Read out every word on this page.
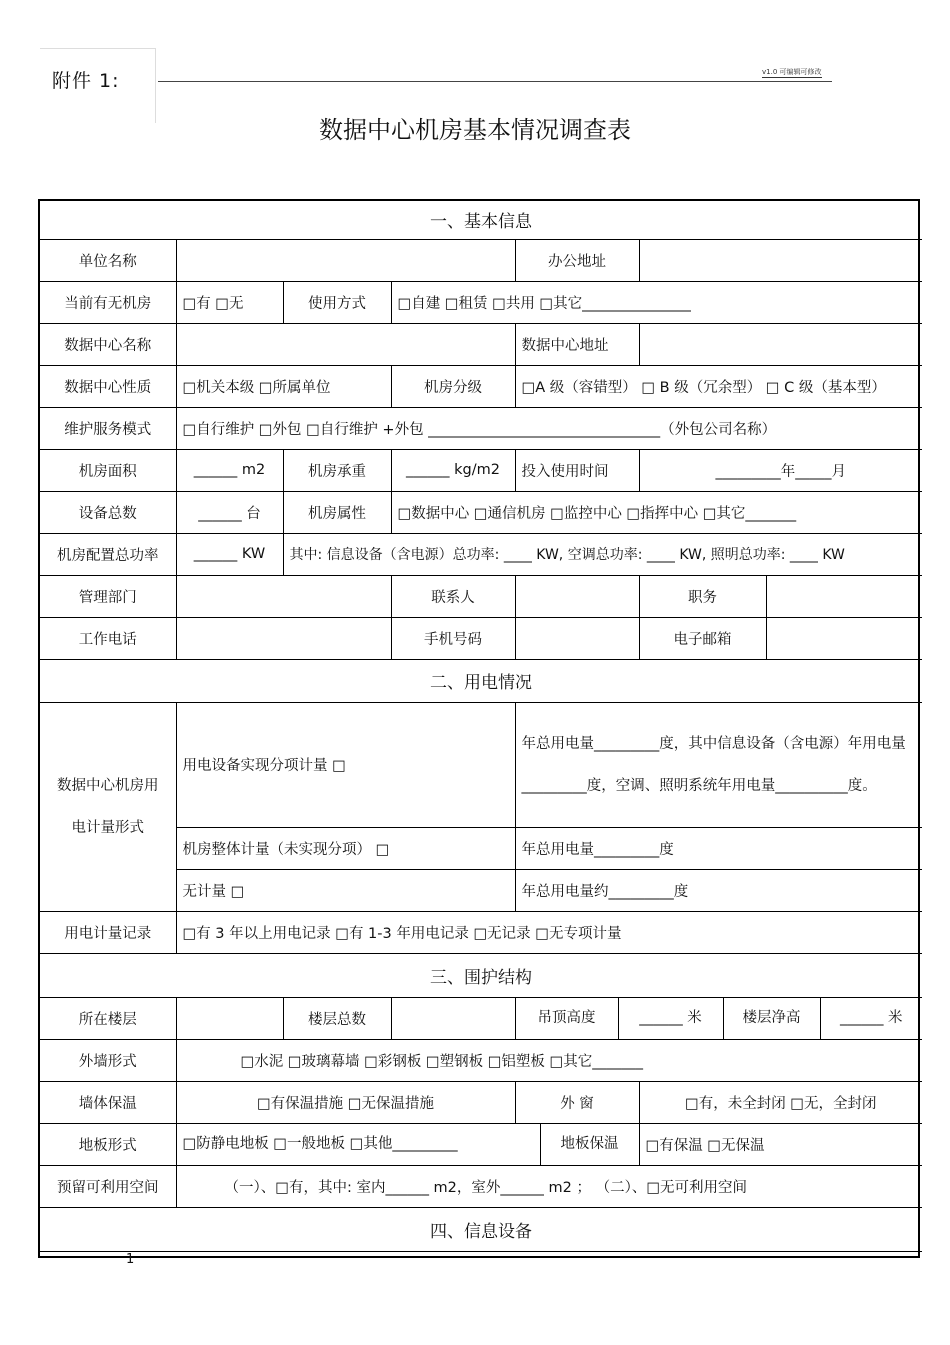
附件 1:	v1.0 可编辑可修改
数据中心机房基本情况调查表
一、基本信息						
单位名称				办公地址		
当前有无机房	□有 □无	使用方式	□自建 □租赁 □共用 □其它_______________			
数据中心名称				数据中心地址		
数据中心性质	□机关本级 □所属单位		机房分级	□A 级（容错型） □ B 级（冗余型） □ C 级（基本型）		
维护服务模式	□自行维护 □外包 □自行维护 +外包 ________________________________（外包公司名称）					
机房面积	______ m2	机房承重	______ kg/m2	投入使用时间	_________年_____月	
设备总数	______ 台	机房属性	□数据中心 □通信机房 □监控中心 □指挥中心 □其它_______			
机房配置总功率	______ KW	其中: 信息设备（含电源）总功率: ____ KW, 空调总功率: ____ KW, 照明总功率: ____ KW				
管理部门			联系人		职务	
工作电话			手机号码		电子邮箱	
二、用电情况						
数据中心机房用电计量形式	用电设备实现分项计量 □			年总用电量_________度，其中信息设备（含电源）年用电量_________度，空调、照明系统年用电量__________度。		
	机房整体计量（未实现分项） □			年总用电量_________度		
	无计量 □			年总用电量约_________度		
用电计量记录	□有 3 年以上用电记录 □有 1-3 年用电记录 □无记录 □无专项计量					
三、围护结构						
所在楼层		楼层总数		吊顶高度 ______ 米 楼层净高 ______ 米		

外墙形式	□水泥 □玻璃幕墙 □彩钢板 □塑钢板 □铝塑板 □其它_______					
墙体保温	□有保温措施 □无保温措施			外 窗	□有，未全封闭 □无，全封闭	
地板形式	□防静电地板 □一般地板 □其他_________ 地板保温				□有保温 □无保温	
预留可利用空间	（一）、□有，其中: 室内______ m2，室外______ m2 ； （二）、□无可利用空间					
四、信息设备						
1
